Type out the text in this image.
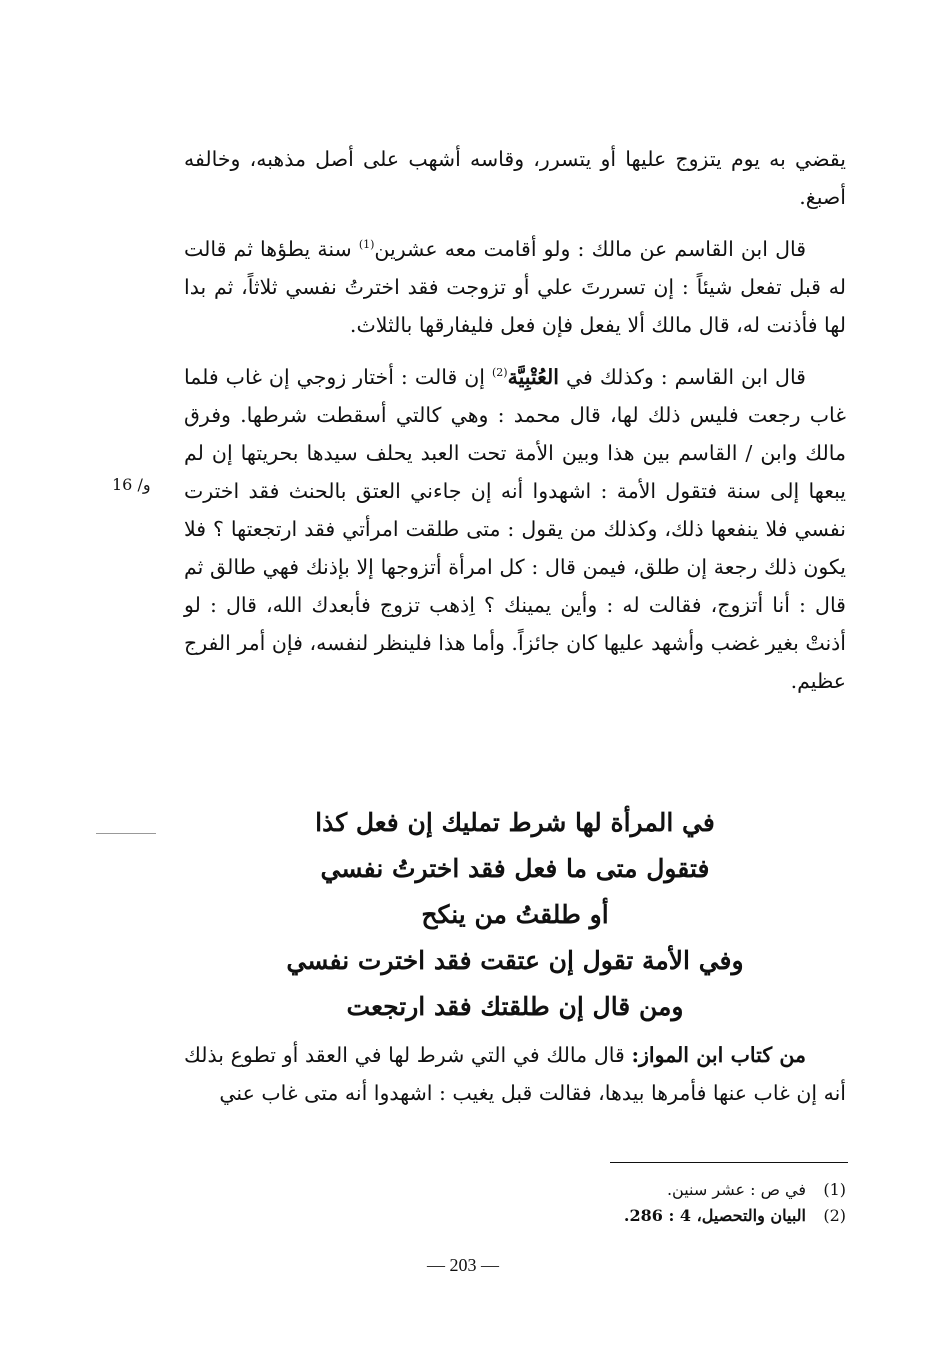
يقضي به يوم يتزوج عليها أو يتسرر، وقاسه أشهب على أصل مذهبه، وخالفه أصبغ.

قال ابن القاسم عن مالك : ولو أقامت معه عشرين$^{(1)}$ سنة يطؤها ثم قالت له قبل تفعل شيئاً : إن تسررتَ علي أو تزوجت فقد اخترتُ نفسي ثلاثاً، ثم بدا لها فأذنت له، قال مالك ألا يفعل فإن فعل فليفارقها بالثلاث.

قال ابن القاسم : وكذلك في العُتْبِيَّة$^{(2)}$ إن قالت : أختار زوجي إن غاب فلما غاب رجعت فليس ذلك لها، قال محمد : وهي كالتي أسقطت شرطها. وفرق مالك وابن / القاسم بين هذا وبين الأمة تحت العبد يحلف سيدها بحريتها إن لم يبعها إلى سنة فتقول الأمة : اشهدوا أنه إن جاءني العتق بالحنث فقد اخترت نفسي فلا ينفعها ذلك، وكذلك من يقول : متى طلقت امرأتي فقد ارتجعتها ؟ فلا يكون ذلك رجعة إن طلق، فيمن قال : كل امرأة أتزوجها إلا بإذنك فهي طالق ثم قال : أنا أتزوج، فقالت له : وأين يمينك ؟ اِذهب تزوج فأبعدك الله، قال : لو أذنتْ بغير غضب وأشهد عليها كان جائزاً. وأما هذا فلينظر لنفسه، فإن أمر الفرج عظيم.

16 /و
في المرأة لها شرط تمليك إن فعل كذا
فتقول متى ما فعل فقد اخترتُ نفسي
أو طلقتُ من ينكح
وفي الأمة تقول إن عتقت فقد اخترت نفسي
ومن قال إن طلقتك فقد ارتجعت

من كتاب ابن المواز: قال مالك في التي شرط لها في العقد أو تطوع بذلك أنه إن غاب عنها فأمرها بيدها، فقالت قبل يغيب : اشهدوا أنه متى غاب عني

(1)
في ص : عشر سنين.
(2)
البيان والتحصيل، 4 : 286.
— 203 —
